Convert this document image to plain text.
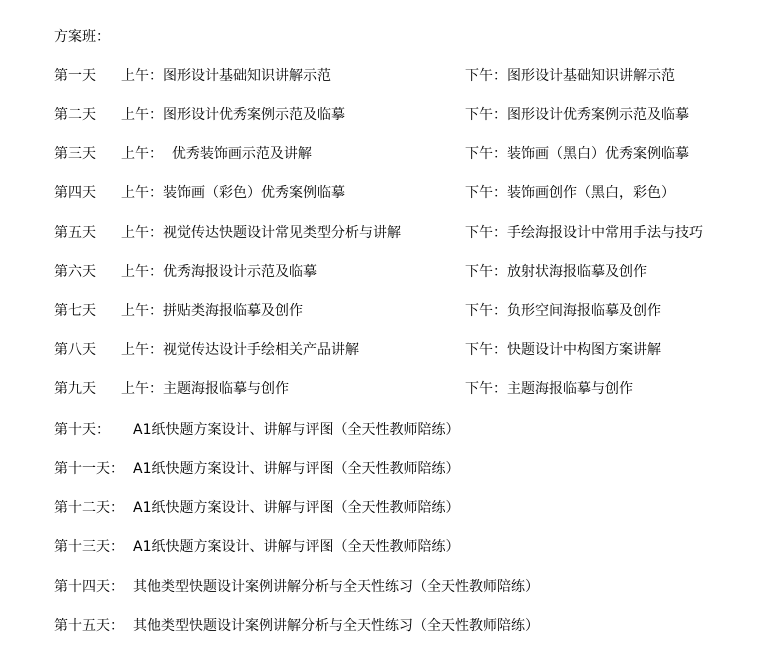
方案班：
第一天 上午：图形设计基础知识讲解示范	下午：图形设计基础知识讲解示范
第二天 上午：图形设计优秀案例示范及临摹	下午：图形设计优秀案例示范及临摹
第三天 上午：  优秀装饰画示范及讲解	下午：装饰画（黑白）优秀案例临摹
第四天 上午：装饰画（彩色）优秀案例临摹	下午：装饰画创作（黑白，彩色）
第五天 上午：视觉传达快题设计常见类型分析与讲解	下午：手绘海报设计中常用手法与技巧
第六天 上午：优秀海报设计示范及临摹	下午：放射状海报临摹及创作
第七天 上午：拼贴类海报临摹及创作	下午：负形空间海报临摹及创作
第八天 上午：视觉传达设计手绘相关产品讲解	下午：快题设计中构图方案讲解
第九天 上午：主题海报临摹与创作	下午：主题海报临摹与创作
第十天： A1纸快题方案设计、讲解与评图（全天性教师陪练）
第十一天： A1纸快题方案设计、讲解与评图（全天性教师陪练）
第十二天： A1纸快题方案设计、讲解与评图（全天性教师陪练）
第十三天： A1纸快题方案设计、讲解与评图（全天性教师陪练）
第十四天： 其他类型快题设计案例讲解分析与全天性练习（全天性教师陪练）
第十五天： 其他类型快题设计案例讲解分析与全天性练习（全天性教师陪练）
